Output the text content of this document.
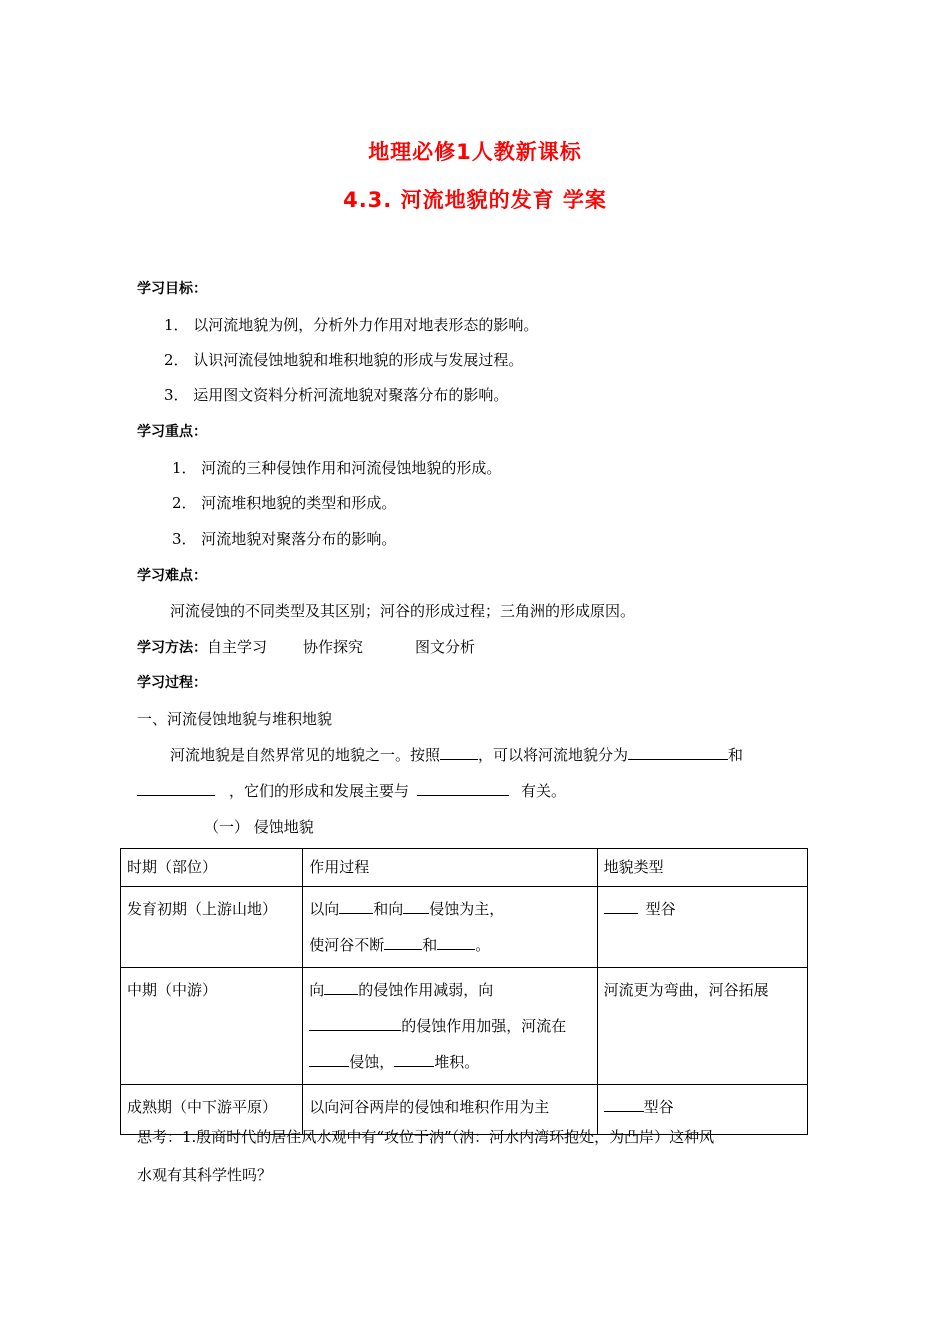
地理必修1人教新课标
4.3. 河流地貌的发育 学案
学习目标：
1． 以河流地貌为例，分析外力作用对地表形态的影响。
2． 认识河流侵蚀地貌和堆积地貌的形成与发展过程。
3． 运用图文资料分析河流地貌对聚落分布的影响。
学习重点：
1． 河流的三种侵蚀作用和河流侵蚀地貌的形成。
2． 河流堆积地貌的类型和形成。
3． 河流地貌对聚落分布的影响。
学习难点：
河流侵蚀的不同类型及其区别；河谷的形成过程；三角洲的形成原因。
学习方法：自主学习 协作探究	图文分析
学习过程：
一、河流侵蚀地貌与堆积地貌
河流地貌是自然界常见的地貌之一。按照	，可以将河流地貌分为	和
，它们的形成和发展主要与	有关。
（一） 侵蚀地貌
时期（部位）	作用过程	地貌类型

发育初期（上游山地）	以向 和向 侵蚀为主，
使河谷不断 和 。	型谷

中期（中游）	向 的侵蚀作用减弱，向
的侵蚀作用加强，河流在
侵蚀， 堆积。	河流更为弯曲，河谷拓展

成熟期（中下游平原）	以向河谷两岸的侵蚀和堆积作用为主	型谷
思考：1.殷商时代的居住风水观中有“攻位于汭”（汭：河水内湾环抱处，为凸岸）这种风
水观有其科学性吗？
